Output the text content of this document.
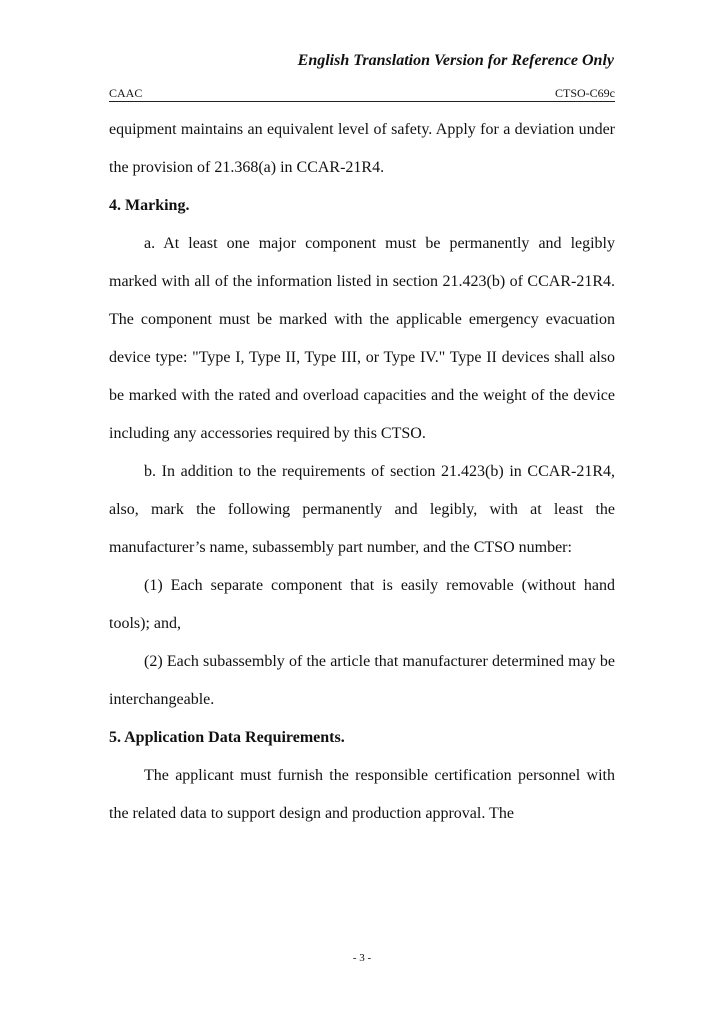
English Translation Version for Reference Only
CAAC	CTSO-C69c

equipment maintains an equivalent level of safety. Apply for a deviation under the provision of 21.368(a) in CCAR-21R4.

4. Marking.

a. At least one major component must be permanently and legibly marked with all of the information listed in section 21.423(b) of CCAR-21R4. The component must be marked with the applicable emergency evacuation device type: "Type I, Type II, Type III, or Type IV." Type II devices shall also be marked with the rated and overload capacities and the weight of the device including any accessories required by this CTSO.

b. In addition to the requirements of section 21.423(b) in CCAR-21R4, also, mark the following permanently and legibly, with at least the manufacturer’s name, subassembly part number, and the CTSO number:

(1) Each separate component that is easily removable (without hand tools); and,

(2) Each subassembly of the article that manufacturer determined may be interchangeable.

5. Application Data Requirements.

The applicant must furnish the responsible certification personnel with the related data to support design and production approval. The

- 3 -
